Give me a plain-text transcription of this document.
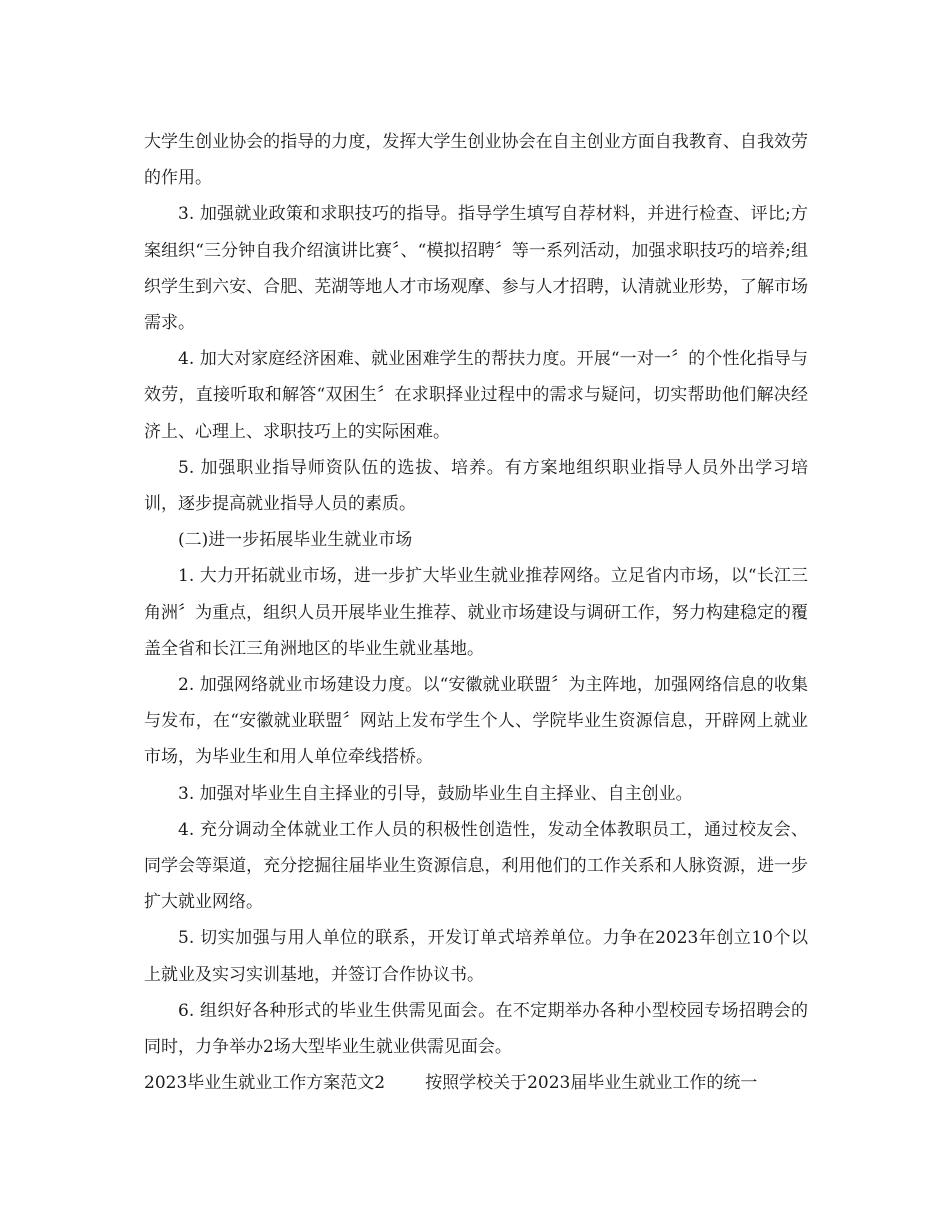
大学生创业协会的指导的力度，发挥大学生创业协会在自主创业方面自我教育、自我效劳的作用。

3. 加强就业政策和求职技巧的指导。指导学生填写自荐材料，并进行检查、评比;方案组织“三分钟自我介绍演讲比赛〞、“模拟招聘〞等一系列活动，加强求职技巧的培养;组织学生到六安、合肥、芜湖等地人才市场观摩、参与人才招聘，认清就业形势，了解市场需求。

4. 加大对家庭经济困难、就业困难学生的帮扶力度。开展“一对一〞的个性化指导与效劳，直接听取和解答“双困生〞在求职择业过程中的需求与疑问，切实帮助他们解决经济上、心理上、求职技巧上的实际困难。

5. 加强职业指导师资队伍的选拔、培养。有方案地组织职业指导人员外出学习培训，逐步提高就业指导人员的素质。

(二)进一步拓展毕业生就业市场

1. 大力开拓就业市场，进一步扩大毕业生就业推荐网络。立足省内市场，以“长江三角洲〞为重点，组织人员开展毕业生推荐、就业市场建设与调研工作，努力构建稳定的覆盖全省和长江三角洲地区的毕业生就业基地。

2. 加强网络就业市场建设力度。以“安徽就业联盟〞为主阵地，加强网络信息的收集与发布，在“安徽就业联盟〞网站上发布学生个人、学院毕业生资源信息，开辟网上就业市场，为毕业生和用人单位牵线搭桥。

3. 加强对毕业生自主择业的引导，鼓励毕业生自主择业、自主创业。

4. 充分调动全体就业工作人员的积极性创造性，发动全体教职员工，通过校友会、同学会等渠道，充分挖掘往届毕业生资源信息，利用他们的工作关系和人脉资源，进一步扩大就业网络。

5. 切实加强与用人单位的联系，开发订单式培养单位。力争在2023年创立10个以上就业及实习实训基地，并签订合作协议书。

6. 组织好各种形式的毕业生供需见面会。在不定期举办各种小型校园专场招聘会的同时，力争举办2场大型毕业生就业供需见面会。

2023毕业生就业工作方案范文2 按照学校关于2023届毕业生就业工作的统一
